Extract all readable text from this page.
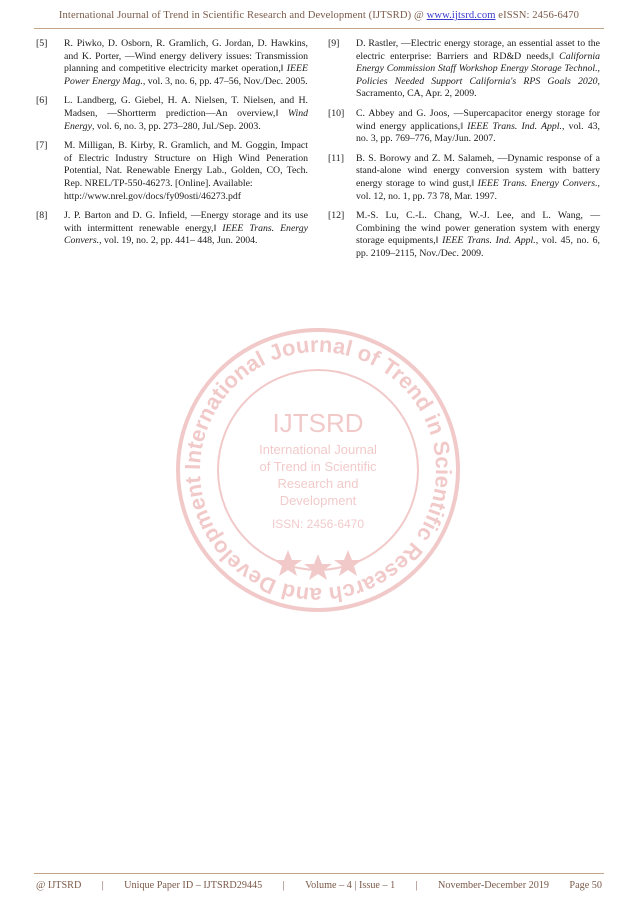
International Journal of Trend in Scientific Research and Development (IJTSRD) @ www.ijtsrd.com eISSN: 2456-6470
[5]	R. Piwko, D. Osborn, R. Gramlich, G. Jordan, D. Hawkins, and K. Porter, —Wind energy delivery issues: Transmission planning and competitive electricity market operation,‖ IEEE Power Energy Mag., vol. 3, no. 6, pp. 47–56, Nov./Dec. 2005.
[6]	L. Landberg, G. Giebel, H. A. Nielsen, T. Nielsen, and H. Madsen, —Shortterm prediction—An overview,‖ Wind Energy, vol. 6, no. 3, pp. 273–280, Jul./Sep. 2003.
[7]	M. Milligan, B. Kirby, R. Gramlich, and M. Goggin, Impact of Electric Industry Structure on High Wind Peneration Potential, Nat. Renewable Energy Lab., Golden, CO, Tech. Rep. NREL/TP-550-46273. [Online]. Available:
http://www.nrel.gov/docs/fy09osti/46273.pdf
[8]	J. P. Barton and D. G. Infield, —Energy storage and its use with intermittent renewable energy,‖ IEEE Trans. Energy Convers., vol. 19, no. 2, pp. 441– 448, Jun. 2004.
[9]	D. Rastler, —Electric energy storage, an essential asset to the electric enterprise: Barriers and RD&D needs,‖ California Energy Commission Staff Workshop Energy Storage Technol., Policies Needed Support California's RPS Goals 2020, Sacramento, CA, Apr. 2, 2009.
[10]	C. Abbey and G. Joos, —Supercapacitor energy storage for wind energy applications,‖ IEEE Trans. Ind. Appl., vol. 43, no. 3, pp. 769–776, May/Jun. 2007.
[11]	B. S. Borowy and Z. M. Salameh, —Dynamic response of a stand-alone wind energy conversion system with battery energy storage to wind gust,‖ IEEE Trans. Energy Convers., vol. 12, no. 1, pp. 73 78, Mar. 1997.
[12]	M.-S. Lu, C.-L. Chang, W.-J. Lee, and L. Wang, —Combining the wind power generation system with energy storage equipments,‖ IEEE Trans. Ind. Appl., vol. 45, no. 6, pp. 2109–2115, Nov./Dec. 2009.
International Journal of Trend in Scientific Research and Development
IJTSRD
International Journal
of Trend in Scientific
Research and
Development
ISSN: 2456-6470
@ IJTSRD | Unique Paper ID – IJTSRD29445 | Volume – 4 | Issue – 1 | November-December 2019 Page 50
